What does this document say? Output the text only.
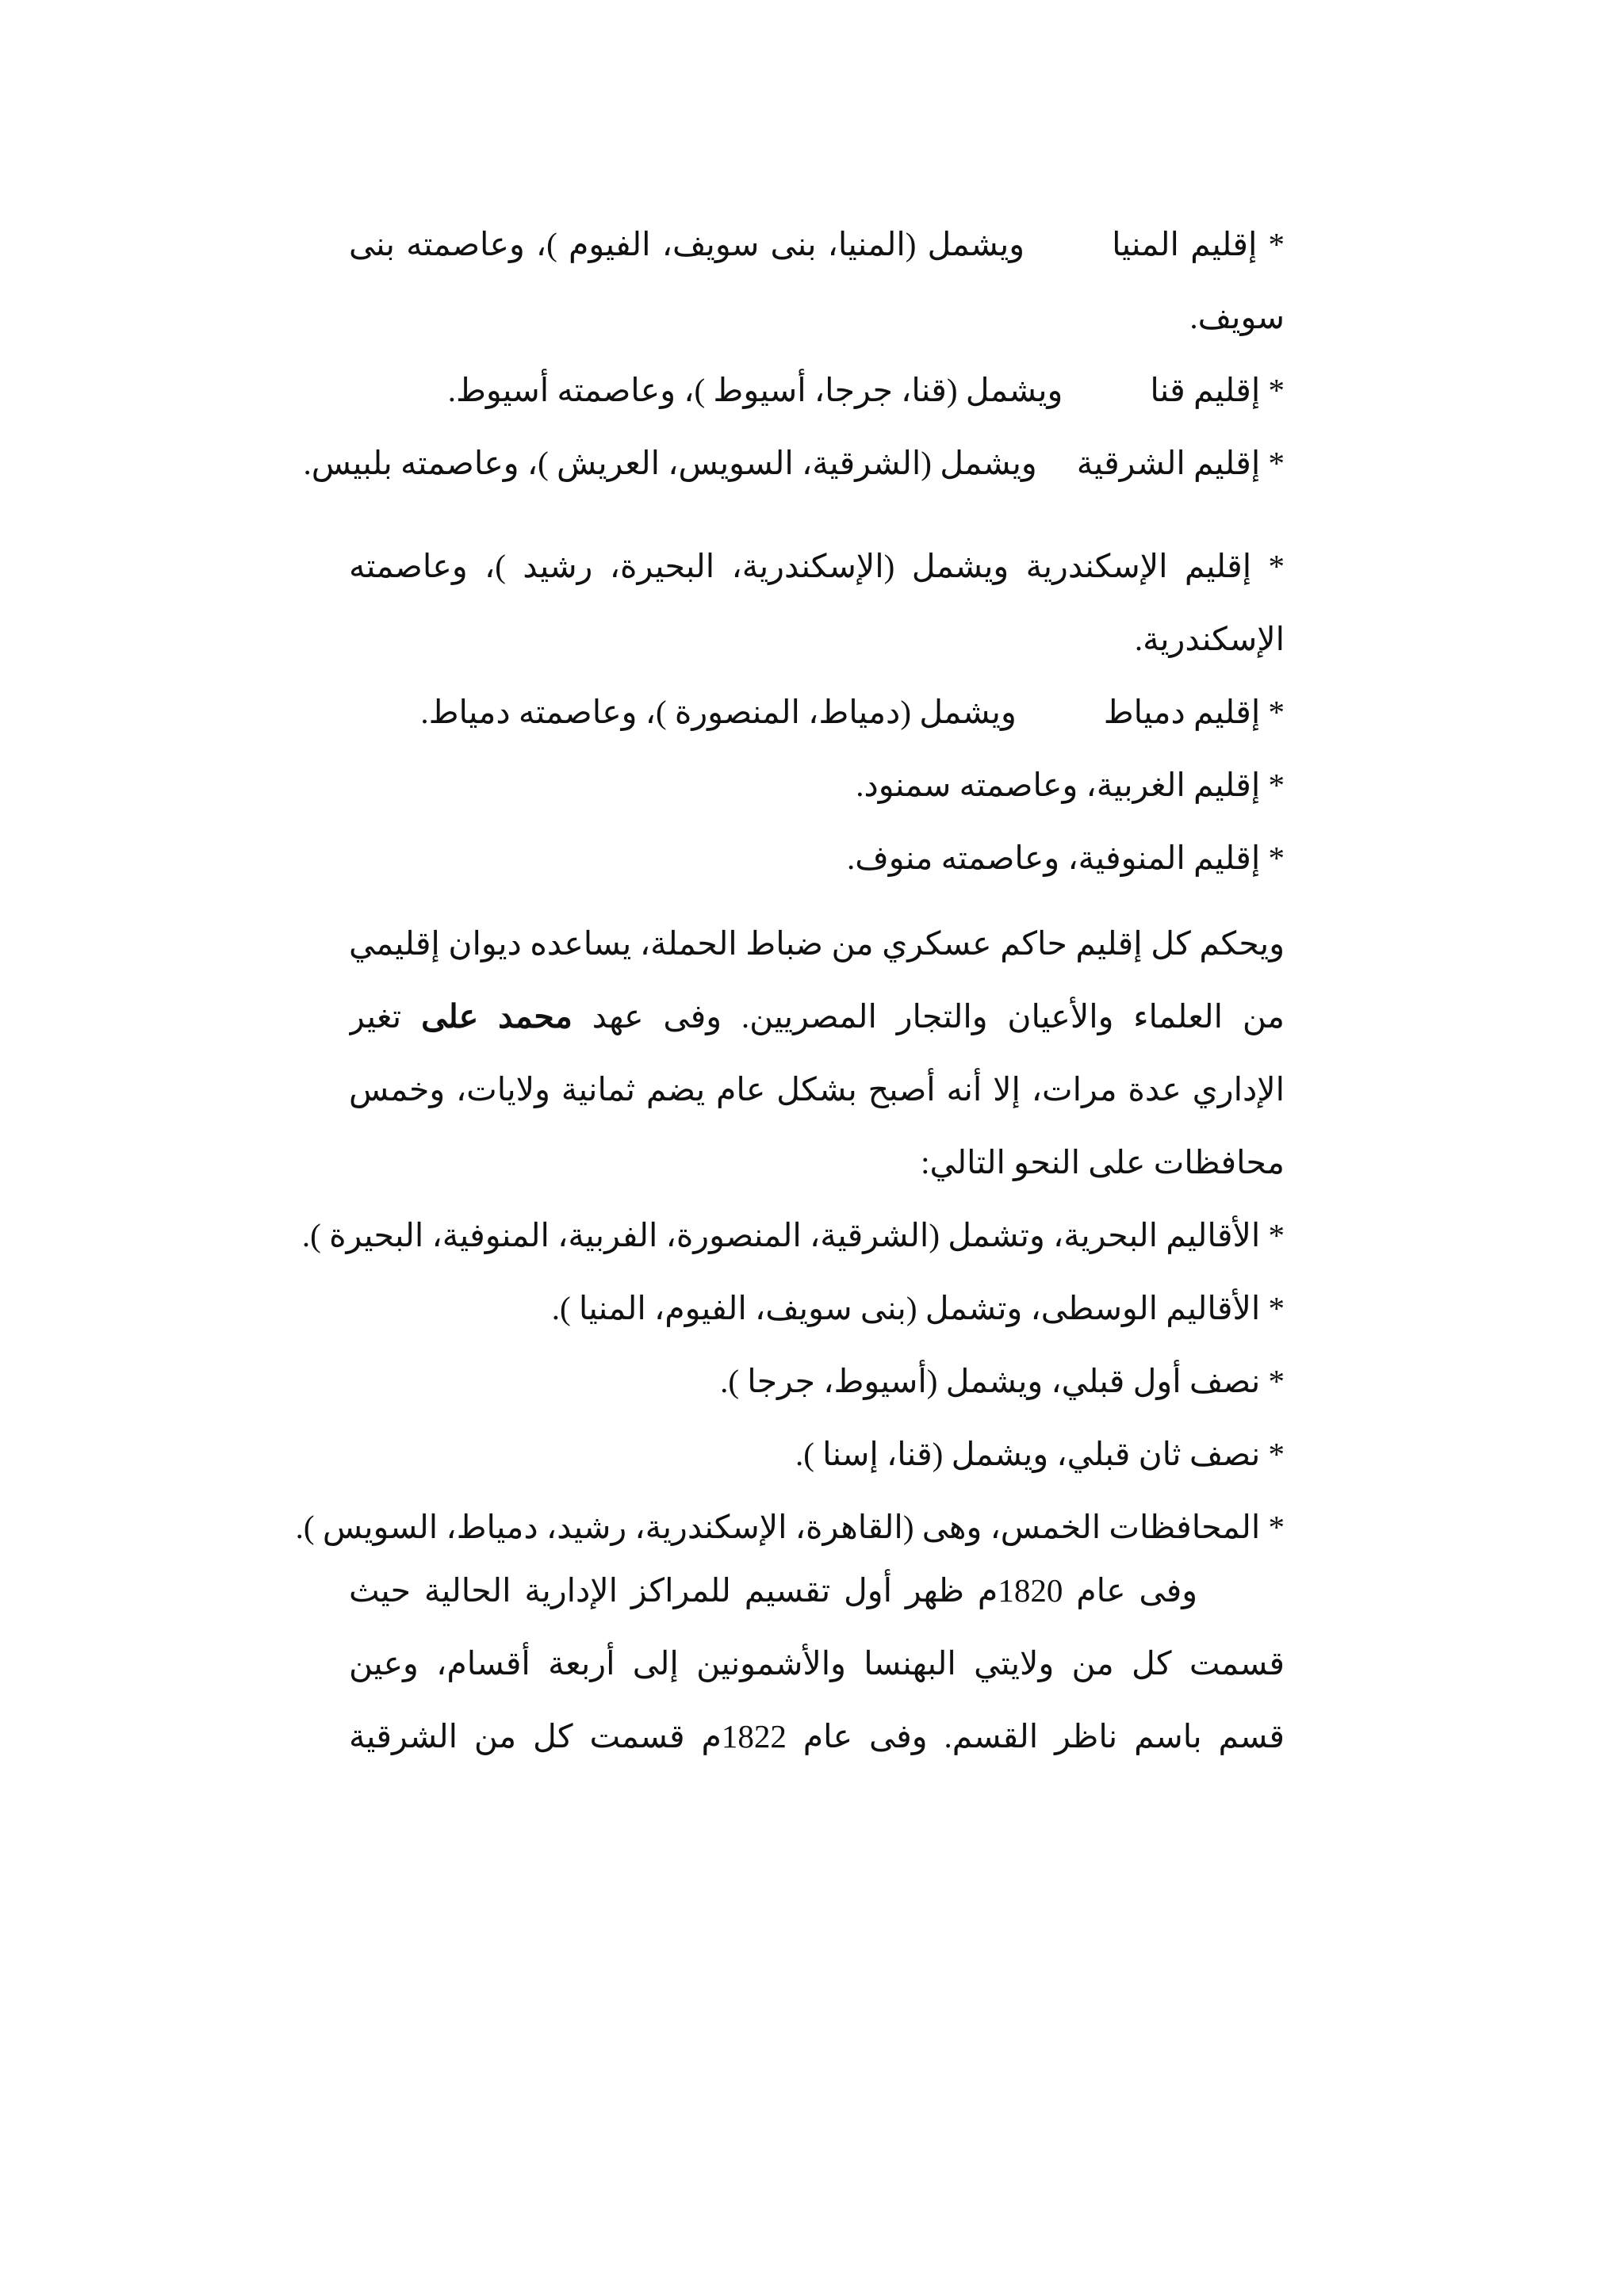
* إقليم المنياويشمل (المنيا، بنى سويف، الفيوم )، وعاصمته بنى
سويف.
* إقليم قناويشمل (قنا، جرجا، أسيوط )، وعاصمته أسيوط.
* إقليم الشرقيةويشمل (الشرقية، السويس، العريش )، وعاصمته بلبيس.
* إقليم الإسكندرية ويشمل (الإسكندرية، البحيرة، رشيد )، وعاصمته
الإسكندرية.
* إقليم دمياطويشمل (دمياط، المنصورة )، وعاصمته دمياط.
* إقليم الغربية، وعاصمته سمنود.
* إقليم المنوفية، وعاصمته منوف.
ويحكم كل إقليم حاكم عسكري من ضباط الحملة، يساعده ديوان إقليمي
من العلماء والأعيان والتجار المصريين. وفى عهد محمد على تغير
الإداري عدة مرات، إلا أنه أصبح بشكل عام يضم ثمانية ولايات، وخمس
محافظات على النحو التالي:
* الأقاليم البحرية، وتشمل (الشرقية، المنصورة، الفربية، المنوفية، البحيرة ).
* الأقاليم الوسطى، وتشمل (بنى سويف، الفيوم، المنيا ).
* نصف أول قبلي، ويشمل (أسيوط، جرجا ).
* نصف ثان قبلي، ويشمل (قنا، إسنا ).
* المحافظات الخمس، وهى (القاهرة، الإسكندرية، رشيد، دمياط، السويس ).
وفى عام 1820م ظهر أول تقسيم للمراكز الإدارية الحالية حيث
قسمت كل من ولايتي البهنسا والأشمونين إلى أربعة أقسام، وعين
قسم باسم ناظر القسم. وفى عام 1822م قسمت كل من الشرقية
